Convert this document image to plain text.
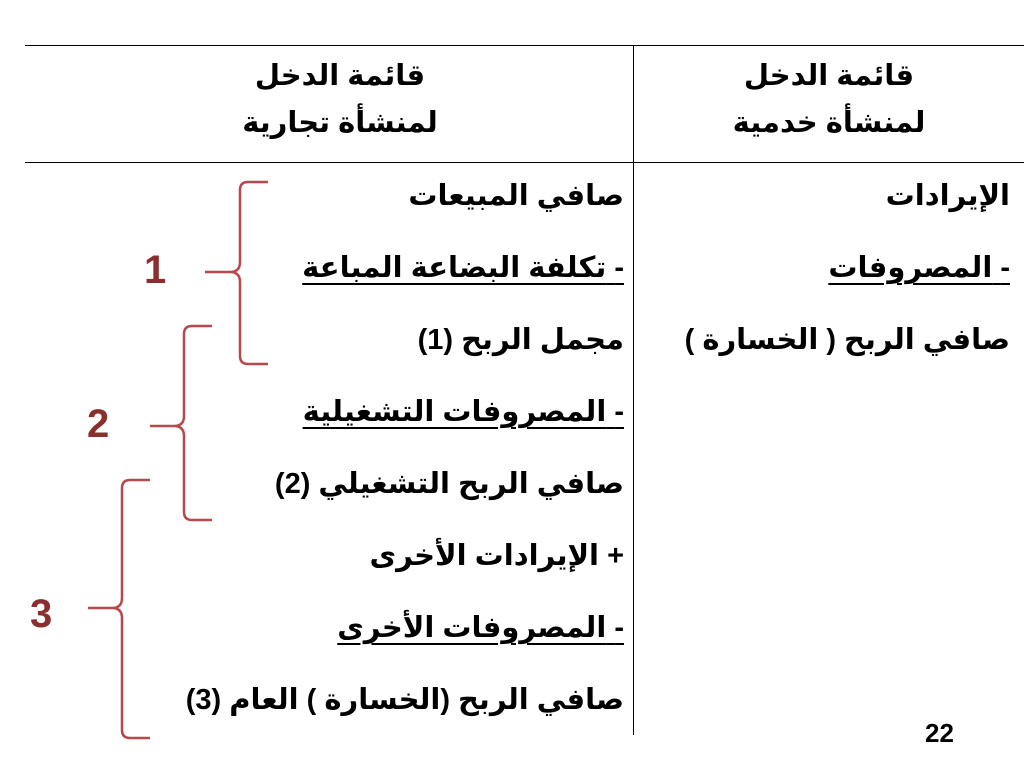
قائمة الدخل
لمنشأة خدمية
قائمة الدخل
لمنشأة تجارية
الإيرادات
- المصروفات
صافي الربح ( الخسارة )
صافي المبيعات
- تكلفة البضاعة المباعة
مجمل الربح (1)
- المصروفات التشغيلية
صافي الربح التشغيلي (2)
+ الإيرادات الأخرى
- المصروفات الأخرى
صافي الربح (الخسارة ) العام (3)
1
2
3
22
